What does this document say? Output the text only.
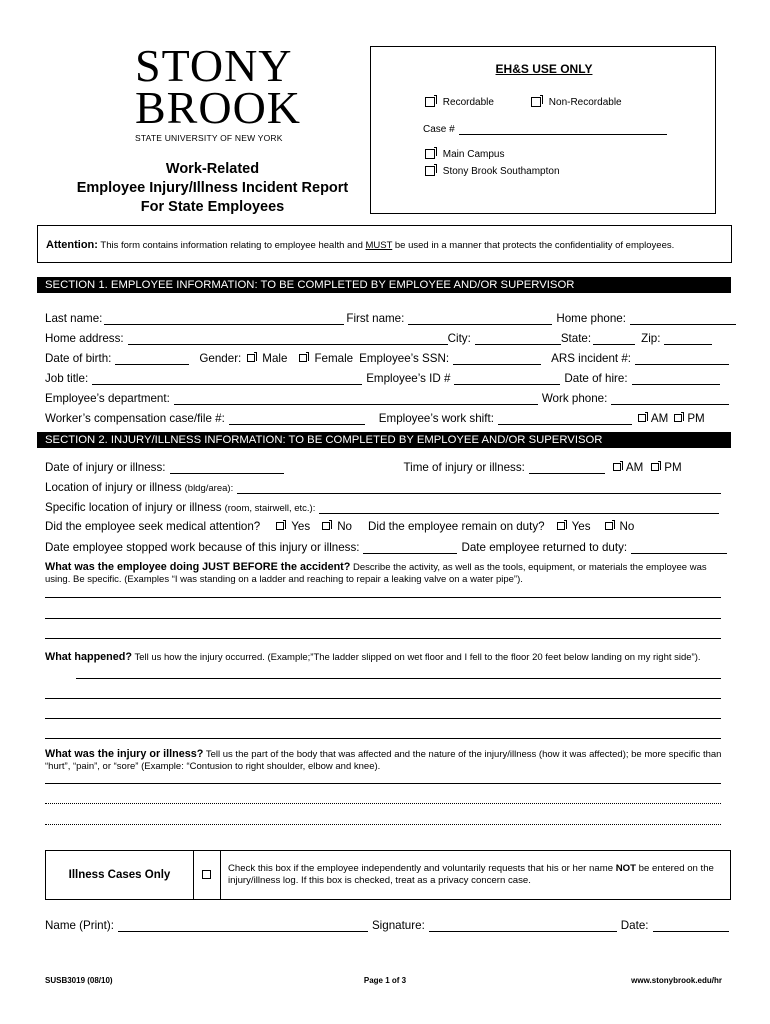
STONY
BROOK
STATE UNIVERSITY OF NEW YORK
Work-Related
Employee Injury/Illness Incident Report
For State Employees
EH&S USE ONLY
Recordable	Non-Recordable
Case #
Main Campus
Stony Brook Southampton
Attention: This form contains information relating to employee health and MUST be used in a manner that protects the confidentiality of employees.
SECTION 1. EMPLOYEE INFORMATION: TO BE COMPLETED BY EMPLOYEE AND/OR SUPERVISOR
Last name:	First name:	Home phone:
Home address:	City:	State:	Zip:
Date of birth:	Gender: Male Female Employee’s SSN:	ARS incident #:
Job title:	Employee’s ID #	Date of hire:
Employee’s department:	Work phone:
Worker’s compensation case/file #:	Employee’s work shift:	AM PM
SECTION 2. INJURY/ILLNESS INFORMATION: TO BE COMPLETED BY EMPLOYEE AND/OR SUPERVISOR
Date of injury or illness:	Time of injury or illness:	AM PM
Location of injury or illness (bldg/area):
Specific location of injury or illness (room, stairwell, etc.):
Did the employee seek medical attention?	Yes No Did the employee remain on duty? Yes	No
Date employee stopped work because of this injury or illness:	Date employee returned to duty:
What was the employee doing JUST BEFORE the accident? Describe the activity, as well as the tools, equipment, or materials the employee was using. Be specific. (Examples “I was standing on a ladder and reaching to repair a leaking valve on a water pipe”).
What happened? Tell us how the injury occurred. (Example;”The ladder slipped on wet floor and I fell to the floor 20 feet below landing on my right side”).
What was the injury or illness? Tell us the part of the body that was affected and the nature of the injury/illness (how it was affected); be more specific than “hurt”, “pain”, or “sore” (Example: “Contusion to right shoulder, elbow and knee).
Illness Cases Only
Check this box if the employee independently and voluntarily requests that his or her name NOT be entered on the injury/illness log. If this box is checked, treat as a privacy concern case.
Name (Print):	Signature:	Date:
SUSB3019 (08/10)	Page 1 of 3	www.stonybrook.edu/hr
